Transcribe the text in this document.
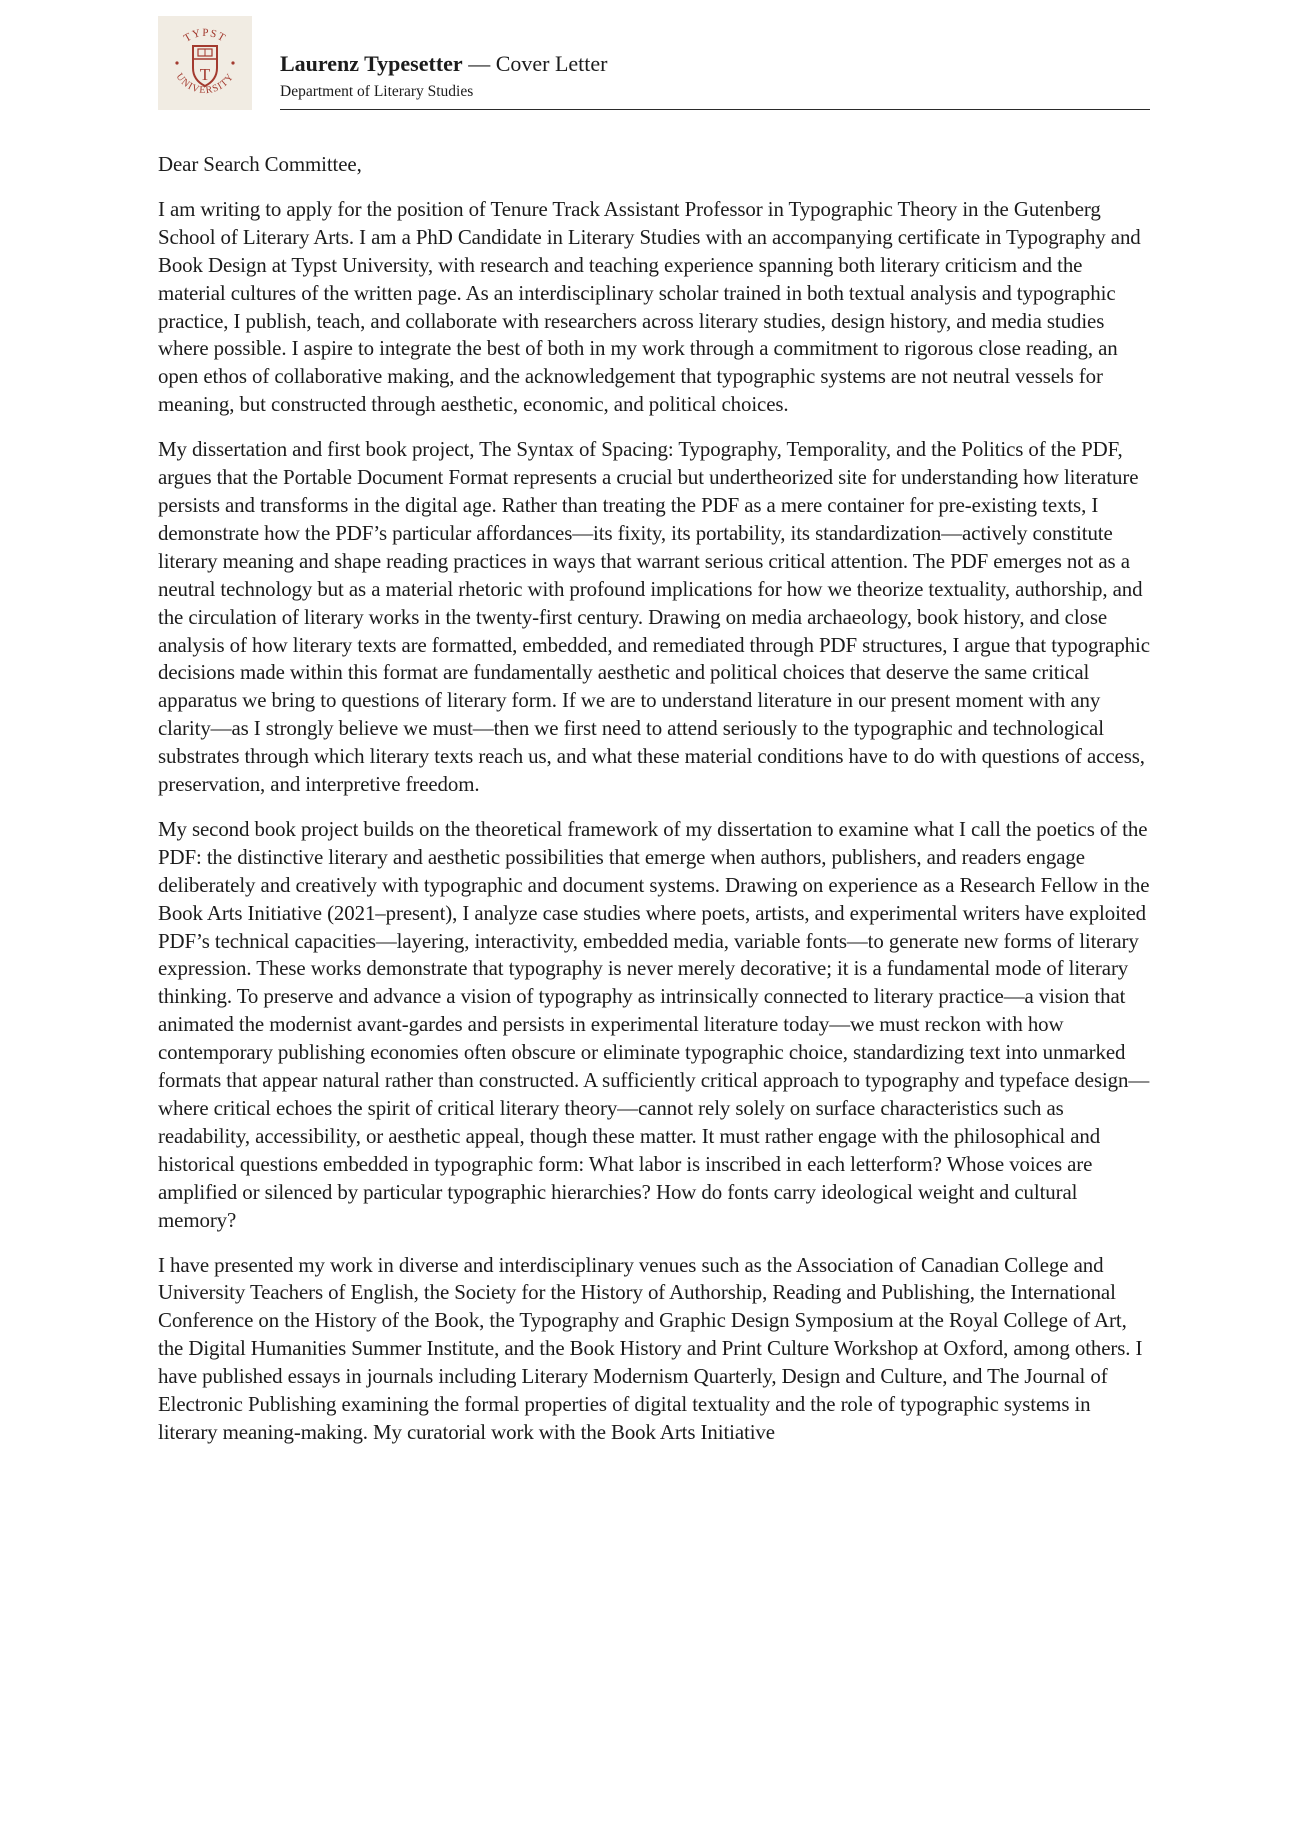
TYPST
UNIVERSITY
T	Laurenz Typesetter — Cover Letter
Department of Literary Studies

Dear Search Committee,

I am writing to apply for the position of Tenure Track Assistant Professor in Typographic Theory in the Gutenberg School of Literary Arts. I am a PhD Candidate in Literary Studies with an accompanying certificate in Typography and Book Design at Typst University, with research and teaching experience spanning both literary criticism and the material cultures of the written page. As an interdisciplinary scholar trained in both textual analysis and typographic practice, I publish, teach, and collaborate with researchers across literary studies, design history, and media studies where possible. I aspire to integrate the best of both in my work through a commitment to rigorous close reading, an open ethos of collaborative making, and the acknowledgement that typographic systems are not neutral vessels for meaning, but constructed through aesthetic, economic, and political choices.

My dissertation and first book project, The Syntax of Spacing: Typography, Temporality, and the Politics of the PDF, argues that the Portable Document Format represents a crucial but undertheorized site for understanding how literature persists and transforms in the digital age. Rather than treating the PDF as a mere container for pre-existing texts, I demonstrate how the PDF’s particular affordances—its fixity, its portability, its standardization—actively constitute literary meaning and shape reading practices in ways that warrant serious critical attention. The PDF emerges not as a neutral technology but as a material rhetoric with profound implications for how we theorize textuality, authorship, and the circulation of literary works in the twenty-first century. Drawing on media archaeology, book history, and close analysis of how literary texts are formatted, embedded, and remediated through PDF structures, I argue that typographic decisions made within this format are fundamentally aesthetic and political choices that deserve the same critical apparatus we bring to questions of literary form. If we are to understand literature in our present moment with any clarity—as I strongly believe we must—then we first need to attend seriously to the typographic and technological substrates through which literary texts reach us, and what these material conditions have to do with questions of access, preservation, and interpretive freedom.

My second book project builds on the theoretical framework of my dissertation to examine what I call the poetics of the PDF: the distinctive literary and aesthetic possibilities that emerge when authors, publishers, and readers engage deliberately and creatively with typographic and document systems. Drawing on experience as a Research Fellow in the Book Arts Initiative (2021–present), I analyze case studies where poets, artists, and experimental writers have exploited PDF’s technical capacities—layering, interactivity, embedded media, variable fonts—to generate new forms of literary expression. These works demonstrate that typography is never merely decorative; it is a fundamental mode of literary thinking. To preserve and advance a vision of typography as intrinsically connected to literary practice—a vision that animated the modernist avant-gardes and persists in experimental literature today—we must reckon with how contemporary publishing economies often obscure or eliminate typographic choice, standardizing text into unmarked formats that appear natural rather than constructed. A sufficiently critical approach to typography and typeface design—where critical echoes the spirit of critical literary theory—cannot rely solely on surface characteristics such as readability, accessibility, or aesthetic appeal, though these matter. It must rather engage with the philosophical and historical questions embedded in typographic form: What labor is inscribed in each letterform? Whose voices are amplified or silenced by particular typographic hierarchies? How do fonts carry ideological weight and cultural memory?

I have presented my work in diverse and interdisciplinary venues such as the Association of Canadian College and University Teachers of English, the Society for the History of Authorship, Reading and Publishing, the International Conference on the History of the Book, the Typography and Graphic Design Symposium at the Royal College of Art, the Digital Humanities Summer Institute, and the Book History and Print Culture Workshop at Oxford, among others. I have published essays in journals including Literary Modernism Quarterly, Design and Culture, and The Journal of Electronic Publishing examining the formal properties of digital textuality and the role of typographic systems in literary meaning-making. My curatorial work with the Book Arts Initiative
